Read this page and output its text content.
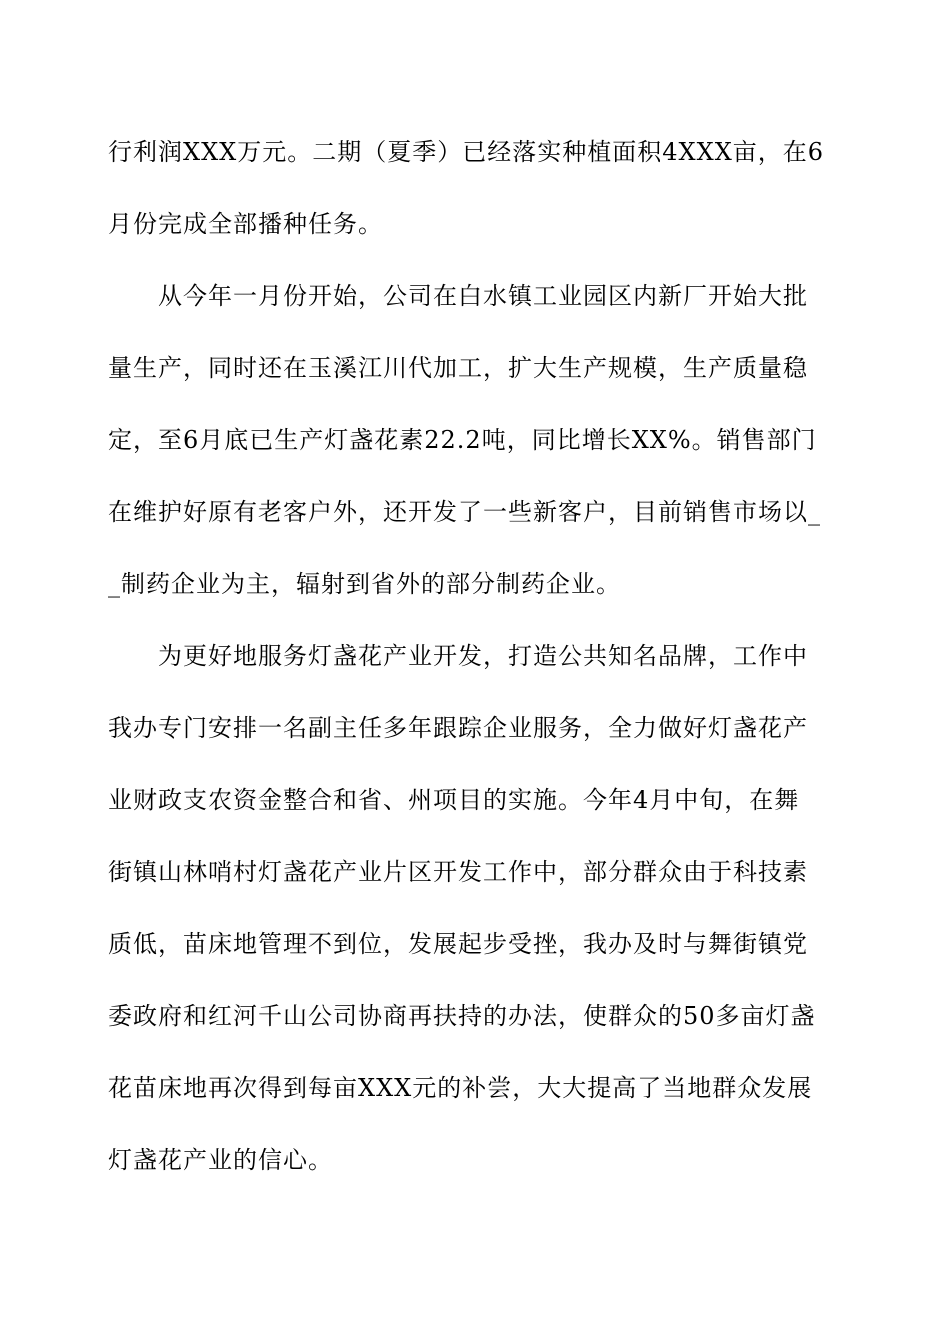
行利润XXX万元。二期（夏季）已经落实种植面积4XXX亩，在6
月份完成全部播种任务。
从今年一月份开始，公司在白水镇工业园区内新厂开始大批
量生产，同时还在玉溪江川代加工，扩大生产规模，生产质量稳
定，至6月底已生产灯盏花素22.2吨，同比增长XX%。销售部门
在维护好原有老客户外，还开发了一些新客户，目前销售市场以_
_制药企业为主，辐射到省外的部分制药企业。
为更好地服务灯盏花产业开发，打造公共知名品牌，工作中
我办专门安排一名副主任多年跟踪企业服务，全力做好灯盏花产
业财政支农资金整合和省、州项目的实施。今年4月中旬，在舞
街镇山林哨村灯盏花产业片区开发工作中，部分群众由于科技素
质低，苗床地管理不到位，发展起步受挫，我办及时与舞街镇党
委政府和红河千山公司协商再扶持的办法，使群众的50多亩灯盏
花苗床地再次得到每亩XXX元的补尝，大大提高了当地群众发展
灯盏花产业的信心。
